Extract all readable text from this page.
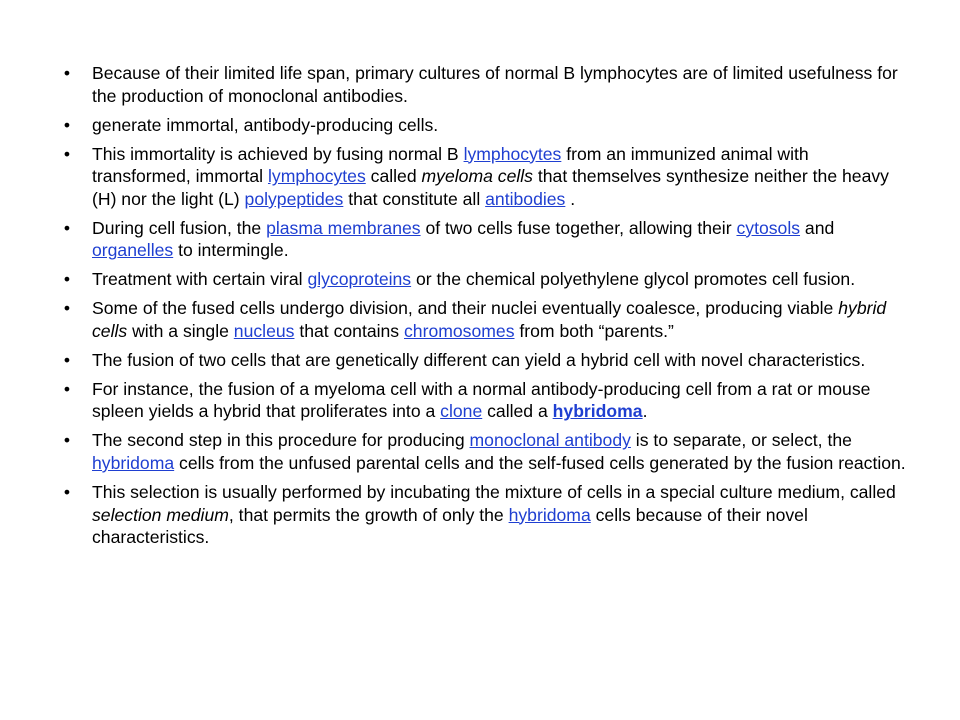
• Because of their limited life span, primary cultures of normal B lymphocytes are of limited usefulness for the production of monoclonal antibodies.
• generate immortal, antibody-producing cells.
• This immortality is achieved by fusing normal B lymphocytes from an immunized animal with transformed, immortal lymphocytes called myeloma cells that themselves synthesize neither the heavy (H) nor the light (L) polypeptides that constitute all antibodies .
• During cell fusion, the plasma membranes of two cells fuse together, allowing their cytosols and organelles to intermingle.
• Treatment with certain viral glycoproteins or the chemical polyethylene glycol promotes cell fusion.
• Some of the fused cells undergo division, and their nuclei eventually coalesce, producing viable hybrid cells with a single nucleus that contains chromosomes from both “parents.”
• The fusion of two cells that are genetically different can yield a hybrid cell with novel characteristics.
• For instance, the fusion of a myeloma cell with a normal antibody-producing cell from a rat or mouse spleen yields a hybrid that proliferates into a clone called a hybridoma.
• The second step in this procedure for producing monoclonal antibody is to separate, or select, the hybridoma cells from the unfused parental cells and the self-fused cells generated by the fusion reaction.
• This selection is usually performed by incubating the mixture of cells in a special culture medium, called selection medium, that permits the growth of only the hybridoma cells because of their novel characteristics.
